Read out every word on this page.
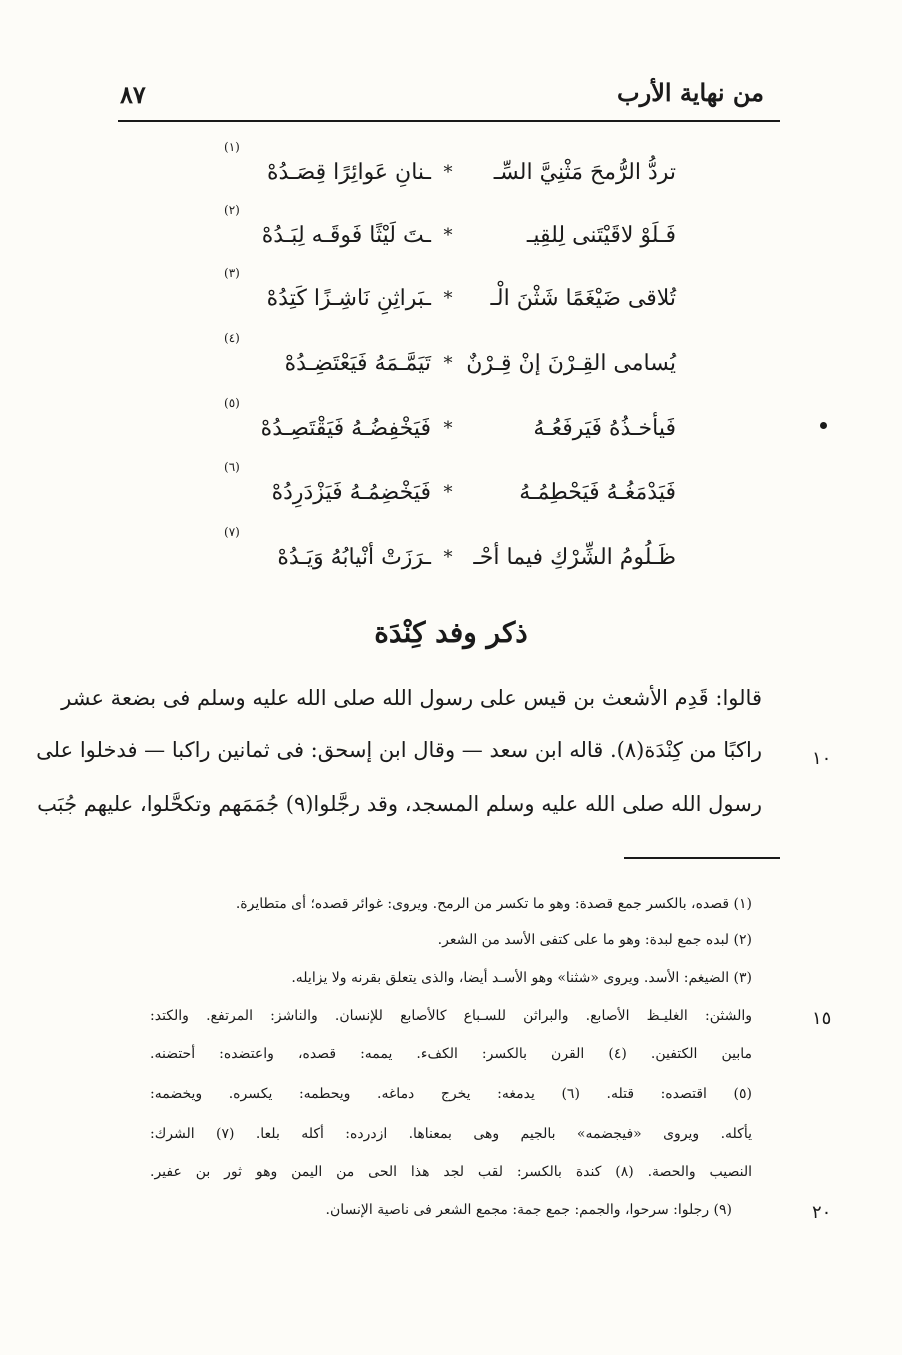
٨٧	من نهاية الأرب
(١)
تردُّ الرُّمحَ مَثْنِيَّ السِّـ
*
ـنانِ عَوائِرًا قِصَـدُهْ
(٢)
فَـلَوْ لاقَيْتَنى لِلقِيـ
*
ـتَ لَيْثًا فَوقَـه لِبَـدُهْ
(٣)
تُلاقى ضَيْغَمًا شَثْنَ الْـ
*
ـبَراثِنِ نَاشِـزًا كَتِدُهْ
(٤)
يُسامى القِـرْنَ إنْ قِـرْنٌ
*
تَيَمَّـمَهُ فَيَعْتَضِـدُهْ
(٥)
فَيأخـذُهُ فَيَرفَعُـهُ
*
فَيَخْفِضُـهُ فَيَقْتَصِـدُهْ
(٦)
فَيَدْمَغُـهُ فَيَحْطِمُـهُ
*
فَيَخْضِمُـهُ فَيَزْدَرِدُهْ
(٧)
ظَـلُومُ الشِّرْكِ فيما أحْـ
*
ـرَزَتْ أنْيابُهُ وَيَـدُهْ
ذكر وفد كِنْدَة
قالوا: قَدِم الأشعث بن قيس على رسول الله صلى الله عليه وسلم فى بضعة عشر
راكبًا من كِنْدَة(٨). قاله ابن سعد — وقال ابن إسحق: فى ثمانين راكبا — فدخلوا على
رسول الله صلى الله عليه وسلم المسجد، وقد رجَّلوا(٩) جُمَمَهم وتكحَّلوا، عليهم جُبَب
١٠
(١) قصده، بالكسر جمع قصدة: وهو ما تكسر من الرمح. ويروى: غوائر قصده؛ أى متطايرة.
(٢) لبده جمع لبدة: وهو ما على كتفى الأسد من الشعر.
(٣) الضيغم: الأسد. ويروى «شثنا» وهو الأسـد أيضا، والذى يتعلق بقرنه ولا يزايله.
والشثن: الغليـظ الأصابع. والبراثن للسـباع كالأصابع للإنسان. والناشز: المرتفع. والكتد:
مابين الكتفين. (٤) القرن بالكسر: الكفء. يممه: قصده، واعتضده: أحتضنه.
(٥) اقتصده: قتله. (٦) يدمغه: يخرج دماغه. ويحطمه: يكسره. ويخضمه:
يأكله. ويروى «فيجضمه» بالجيم وهى بمعناها. ازدرده: أكله بلعا. (٧) الشرك:
النصيب والحصة. (٨) كندة بالكسر: لقب لجد هذا الحى من اليمن وهو ثور بن عفير.
(٩) رجلوا: سرحوا، والجمم: جمع جمة: مجمع الشعر فى ناصية الإنسان.
١٥
٢٠
